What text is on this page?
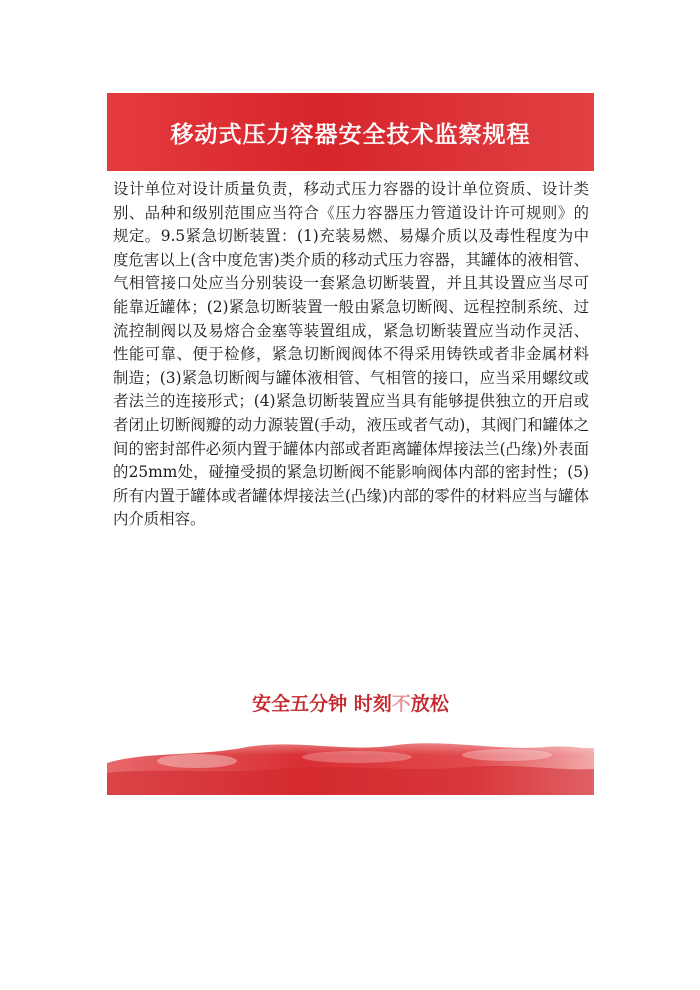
移动式压力容器安全技术监察规程

设计单位对设计质量负责，移动式压力容器的设计单位资质、设计类别、品种和级别范围应当符合《压力容器压力管道设计许可规则》的规定。9.5紧急切断装置：(1)充装易燃、易爆介质以及毒性程度为中度危害以上(含中度危害)类介质的移动式压力容器，其罐体的液相管、气相管接口处应当分别装设一套紧急切断装置，并且其设置应当尽可能靠近罐体；(2)紧急切断装置一般由紧急切断阀、远程控制系统、过流控制阀以及易熔合金塞等装置组成，紧急切断装置应当动作灵活、性能可靠、便于检修，紧急切断阀阀体不得采用铸铁或者非金属材料制造；(3)紧急切断阀与罐体液相管、气相管的接口，应当采用螺纹或者法兰的连接形式；(4)紧急切断装置应当具有能够提供独立的开启或者闭止切断阀瓣的动力源装置(手动，液压或者气动)，其阀门和罐体之间的密封部件必须内置于罐体内部或者距离罐体焊接法兰(凸缘)外表面的25mm处，碰撞受损的紧急切断阀不能影响阀体内部的密封性；(5)所有内置于罐体或者罐体焊接法兰(凸缘)内部的零件的材料应当与罐体内介质相容。

安全五分钟 时刻不放松
